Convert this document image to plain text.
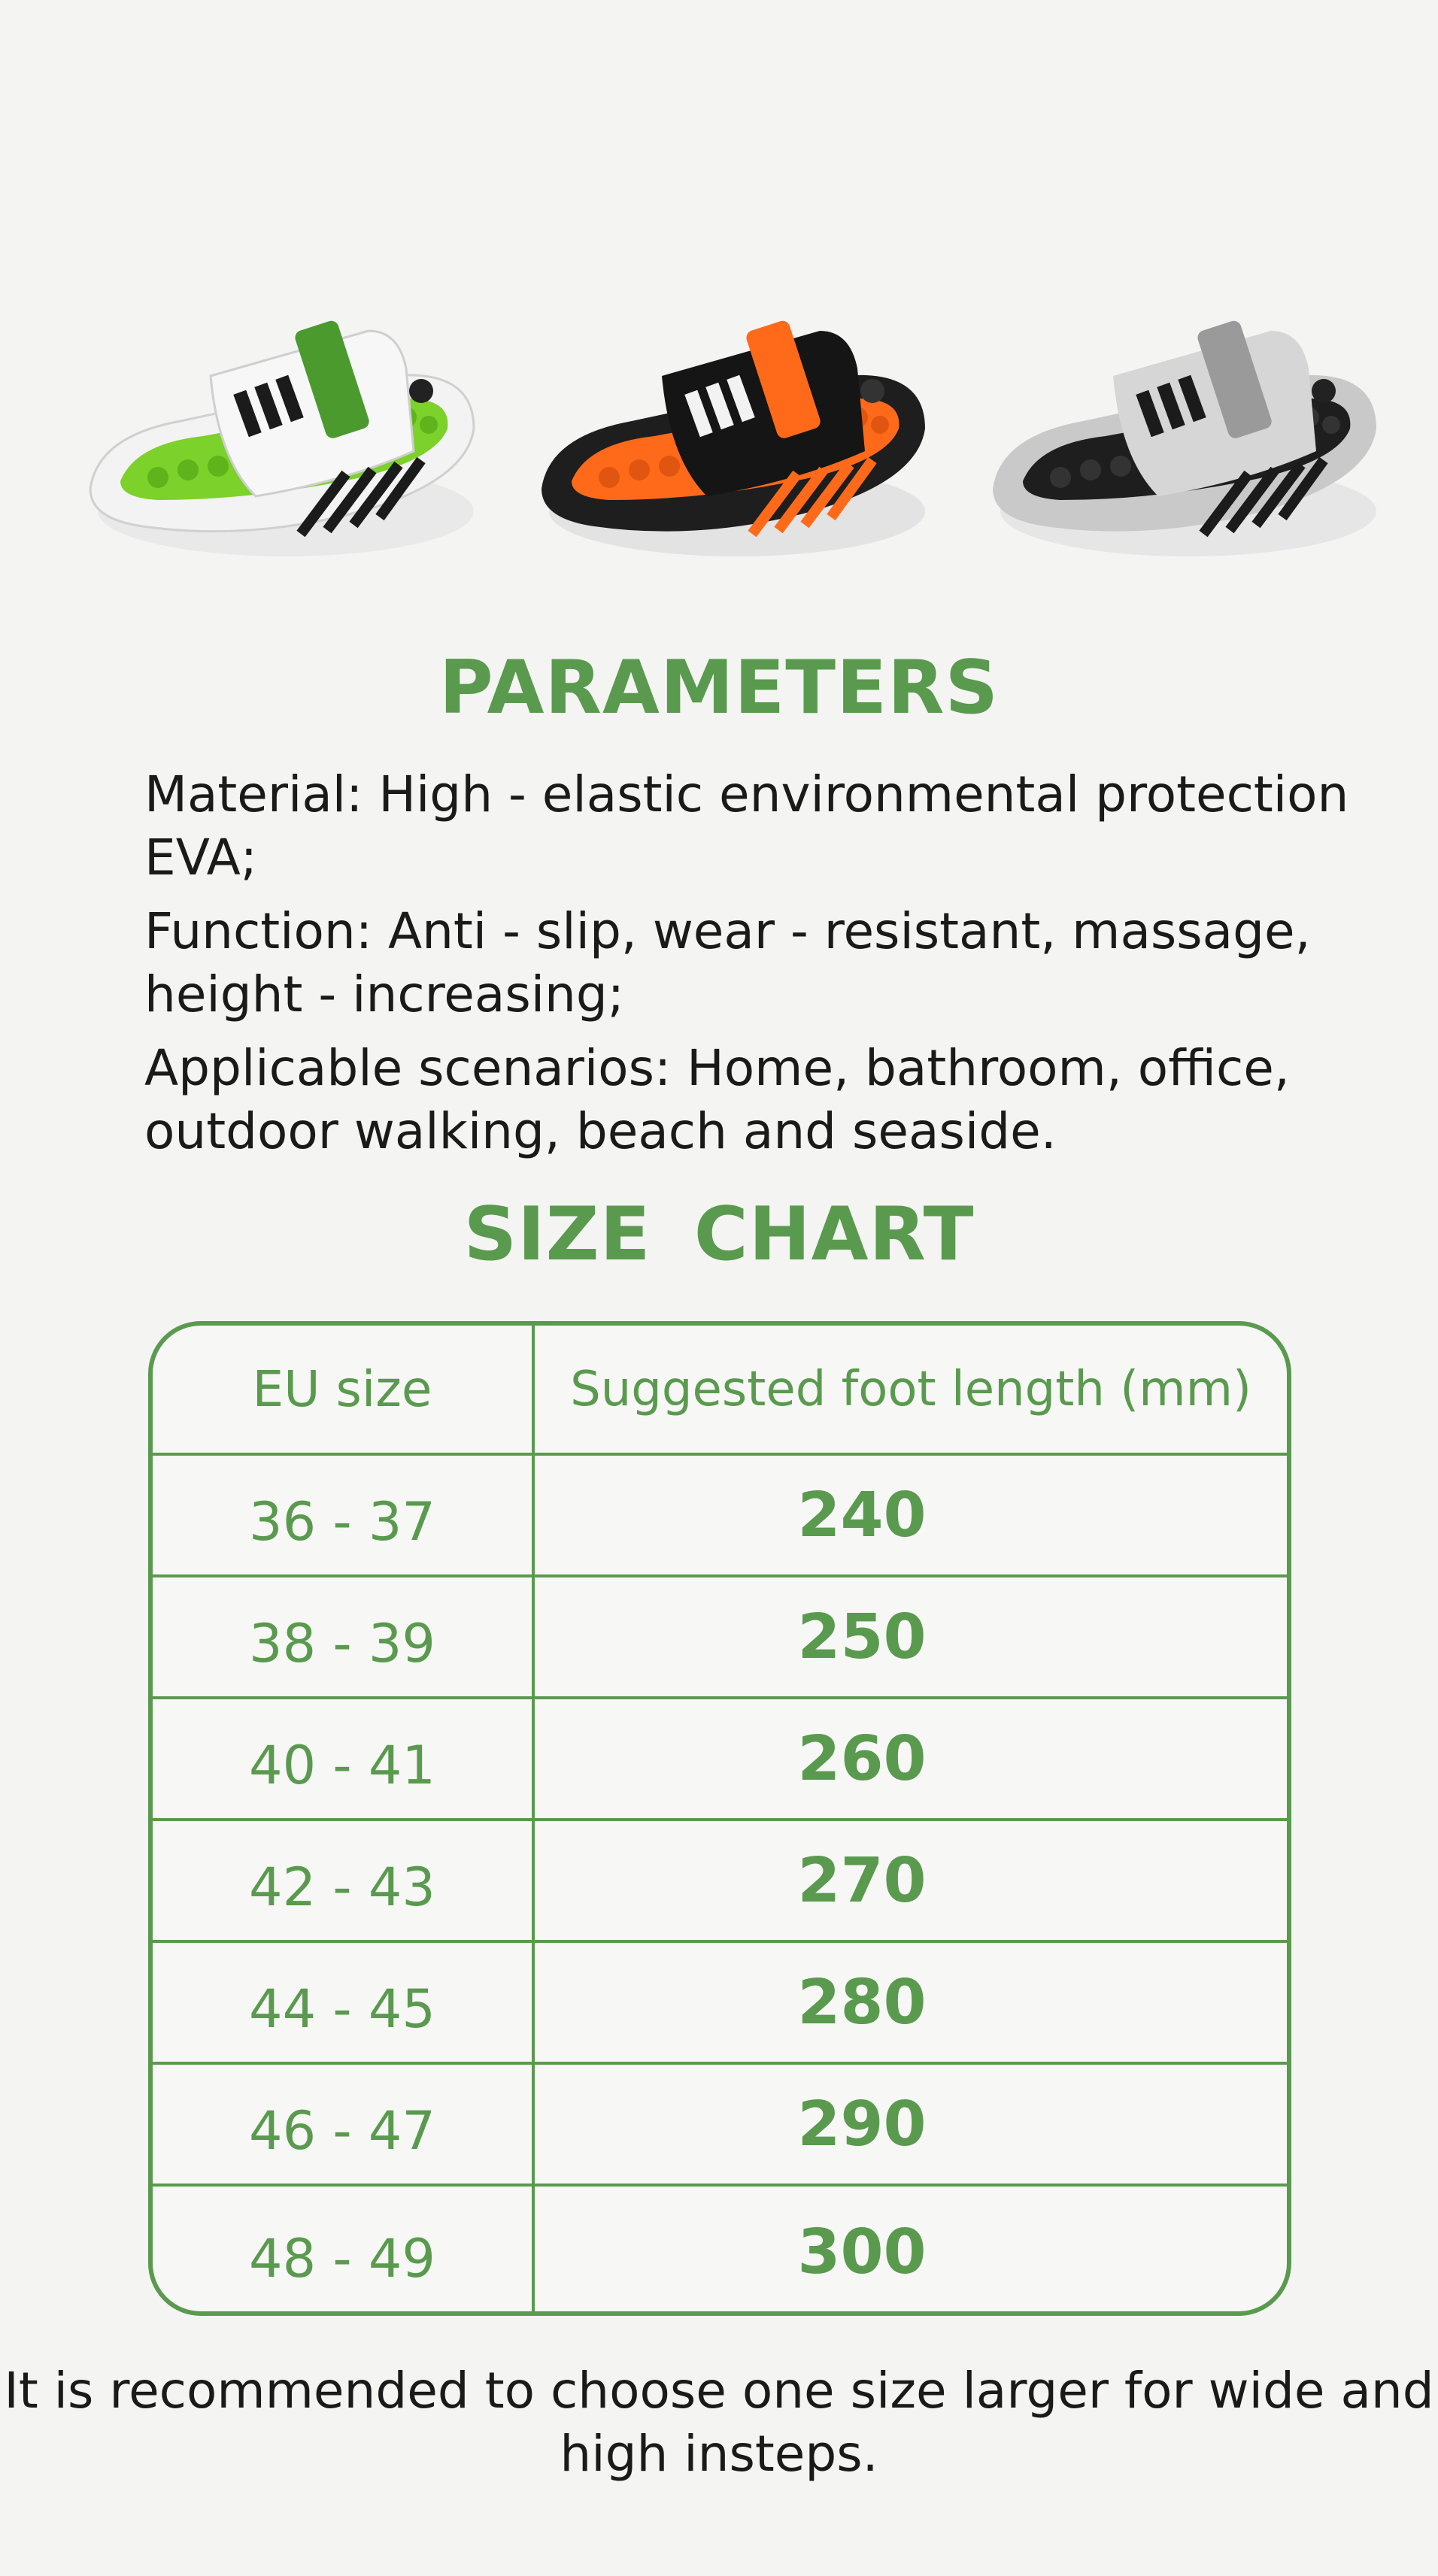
PARAMETERS

Material: High - elastic environmental protection EVA;

Function: Anti - slip, wear - resistant, massage, height - increasing;

Applicable scenarios: Home, bathroom, office, outdoor walking, beach and seaside.

SIZE CHART
EU size	Suggested foot length (mm)
36 - 37	240
38 - 39	250
40 - 41	260
42 - 43	270
44 - 45	280
46 - 47	290
48 - 49	300
It is recommended to choose one size larger for wide and high insteps.
